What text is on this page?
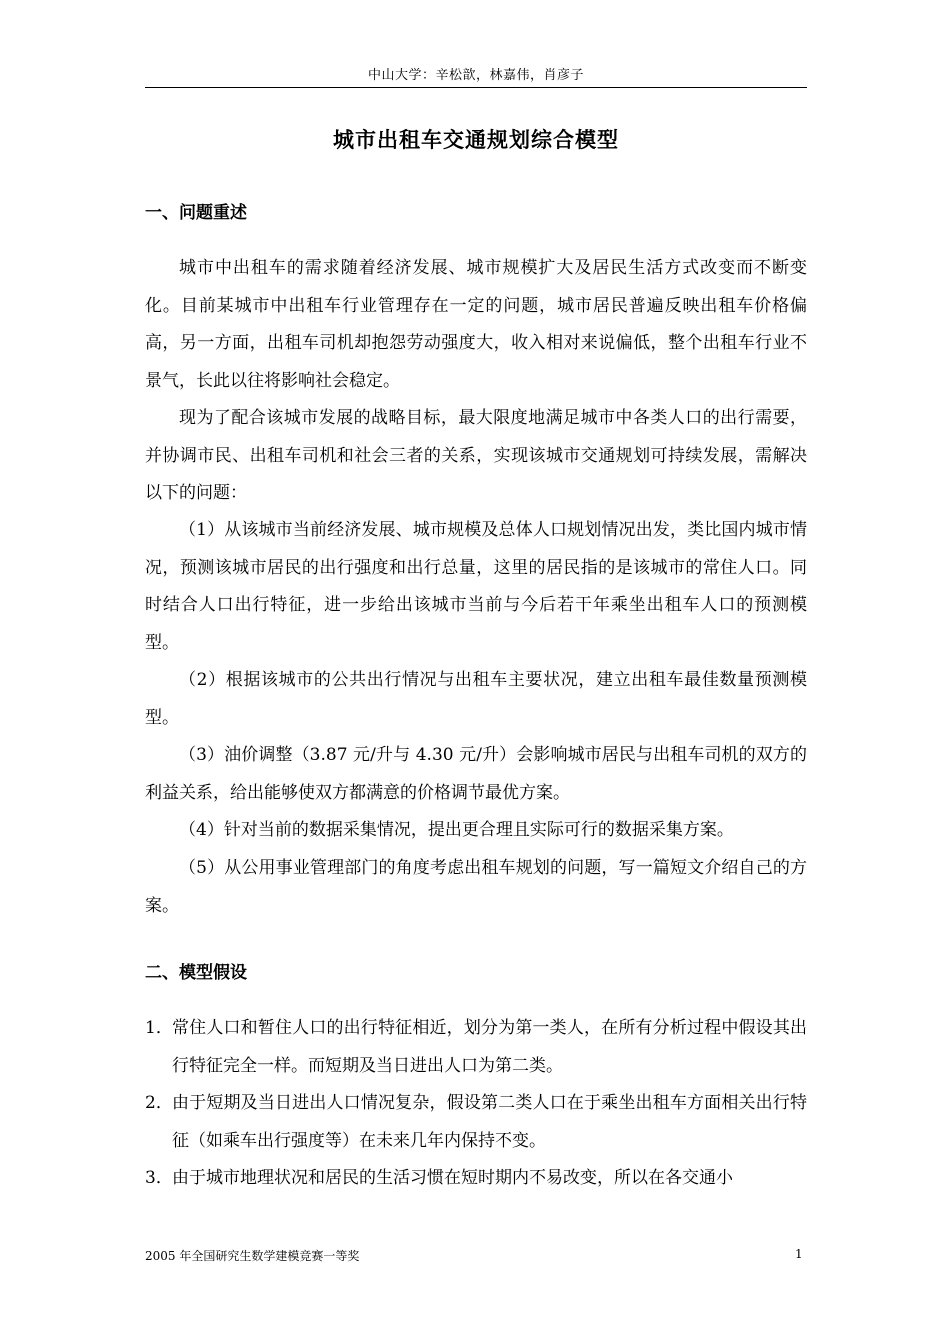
中山大学：辛松歆，林嘉伟，肖彦子
城市出租车交通规划综合模型
一、问题重述
城市中出租车的需求随着经济发展、城市规模扩大及居民生活方式改变而不断变化。目前某城市中出租车行业管理存在一定的问题，城市居民普遍反映出租车价格偏高，另一方面，出租车司机却抱怨劳动强度大，收入相对来说偏低，整个出租车行业不景气，长此以往将影响社会稳定。
现为了配合该城市发展的战略目标，最大限度地满足城市中各类人口的出行需要，并协调市民、出租车司机和社会三者的关系，实现该城市交通规划可持续发展，需解决以下的问题：
（1）从该城市当前经济发展、城市规模及总体人口规划情况出发，类比国内城市情况，预测该城市居民的出行强度和出行总量，这里的居民指的是该城市的常住人口。同时结合人口出行特征，进一步给出该城市当前与今后若干年乘坐出租车人口的预测模型。
（2）根据该城市的公共出行情况与出租车主要状况，建立出租车最佳数量预测模型。
（3）油价调整（3.87 元/升与 4.30 元/升）会影响城市居民与出租车司机的双方的利益关系，给出能够使双方都满意的价格调节最优方案。
（4）针对当前的数据采集情况，提出更合理且实际可行的数据采集方案。
（5）从公用事业管理部门的角度考虑出租车规划的问题，写一篇短文介绍自己的方案。
二、模型假设
1． 常住人口和暂住人口的出行特征相近，划分为第一类人，在所有分析过程中假设其出行特征完全一样。而短期及当日进出人口为第二类。
2． 由于短期及当日进出人口情况复杂，假设第二类人口在于乘坐出租车方面相关出行特征（如乘车出行强度等）在未来几年内保持不变。
3． 由于城市地理状况和居民的生活习惯在短时期内不易改变，所以在各交通小
2005 年全国研究生数学建模竞赛一等奖	1
